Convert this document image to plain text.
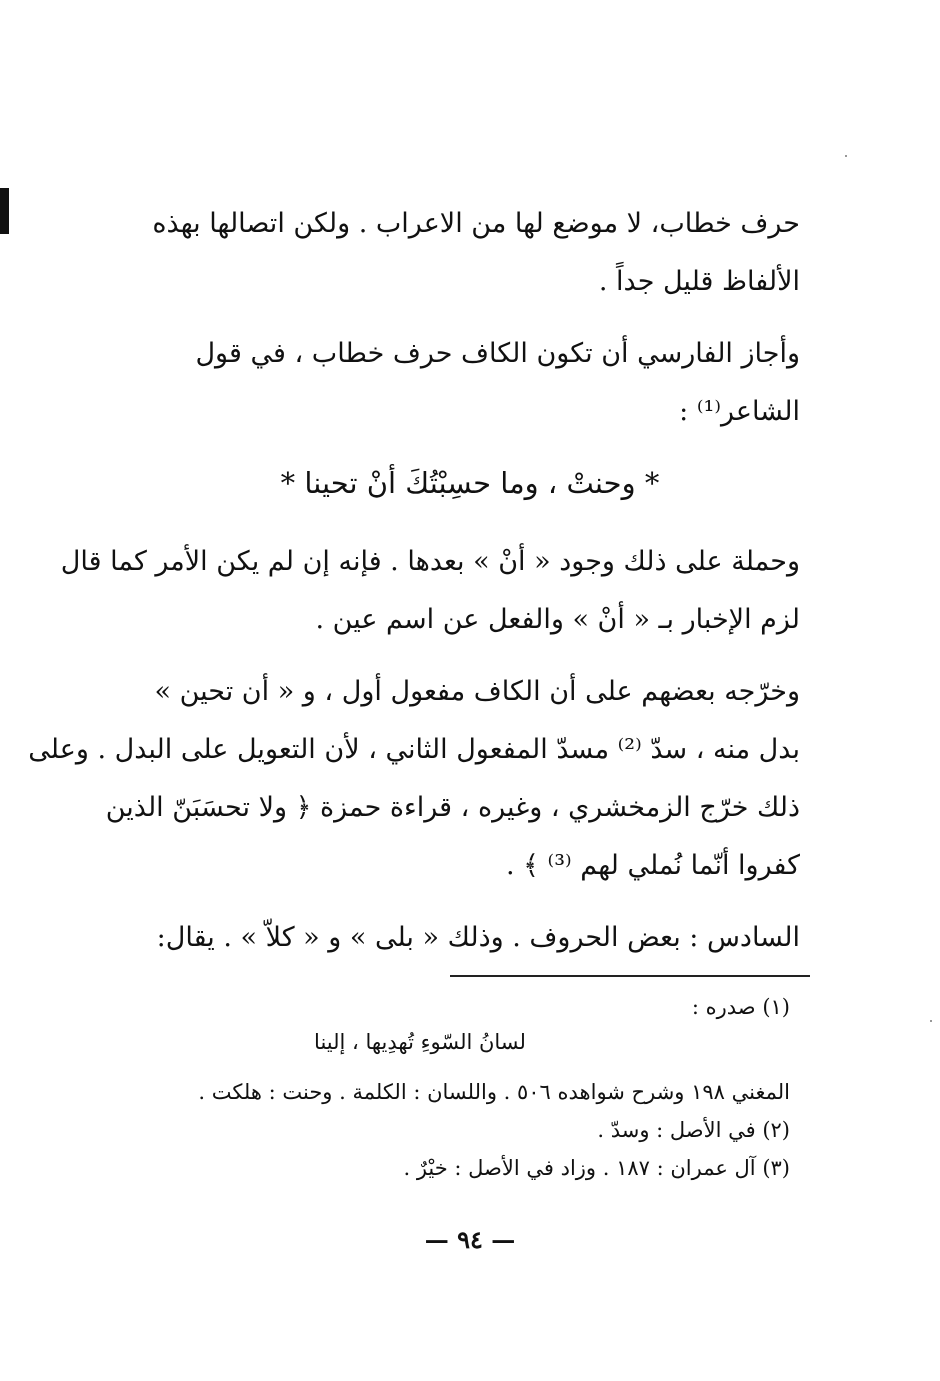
حرف خطاب، لا موضع لها من الاعراب . ولكن اتصالها بهذه
الألفاظ قليل جداً .
وأجاز الفارسي أن تكون الكاف حرف خطاب ، في قول
الشاعر⁽¹⁾ :
* وحنتْ ، وما حسِبْتُكَ أنْ تحينا *
وحملة على ذلك وجود « أنْ » بعدها . فإنه إن لم يكن الأمر كما قال
لزم الإخبار بـ « أنْ » والفعل عن اسم عين .
وخرّجه بعضهم على أن الكاف مفعول أول ، و « أن تحين »
بدل منه ، سدّ ⁽²⁾ مسدّ المفعول الثاني ، لأن التعويل على البدل . وعلى
ذلك خرّج الزمخشري ، وغيره ، قراءة حمزة ﴿ ولا تحسَبَنّ الذين
كفروا أنّما نُملي لهم ⁽³⁾ ﴾ .
السادس : بعض الحروف . وذلك « بلى » و « كلاّ » . يقال:
(١) صدره :
لسانُ السّوءِ تُهدِيها ، إلينا
المغني ١٩٨ وشرح شواهده ٥٠٦ . واللسان : الكلمة . وحنت : هلكت .
(٢) في الأصل : وسدّ .
(٣) آل عمران : ١٨٧ . وزاد في الأصل : خيْرٌ .
— ٩٤ —
